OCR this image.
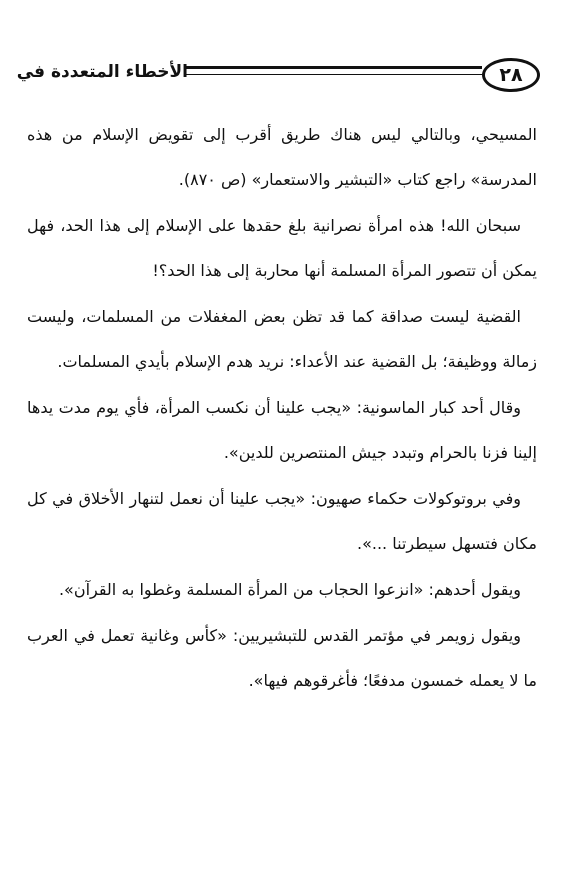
٢٨
الأخطاء المتعددة في

المسيحي، وبالتالي ليس هناك طريق أقرب إلى تقويض الإسلام من هذه المدرسة» راجع كتاب «التبشير والاستعمار» (ص ٨٧٠).

سبحان الله! هذه امرأة نصرانية بلغ حقدها على الإسلام إلى هذا الحد، فهل يمكن أن تتصور المرأة المسلمة أنها محاربة إلى هذا الحد؟!

القضية ليست صداقة كما قد تظن بعض المغفلات من المسلمات، وليست زمالة ووظيفة؛ بل القضية عند الأعداء: نريد هدم الإسلام بأيدي المسلمات.

وقال أحد كبار الماسونية: «يجب علينا أن نكسب المرأة، فأي يوم مدت يدها إلينا فزنا بالحرام وتبدد جيش المنتصرين للدين».

وفي بروتوكولات حكماء صهيون: «يجب علينا أن نعمل لتنهار الأخلاق في كل مكان فتسهل سيطرتنا ...».

ويقول أحدهم: «انزعوا الحجاب من المرأة المسلمة وغطوا به القرآن».

ويقول زويمر في مؤتمر القدس للتبشيريين: «كأس وغانية تعمل في العرب ما لا يعمله خمسون مدفعًا؛ فأغرقوهم فيها».
